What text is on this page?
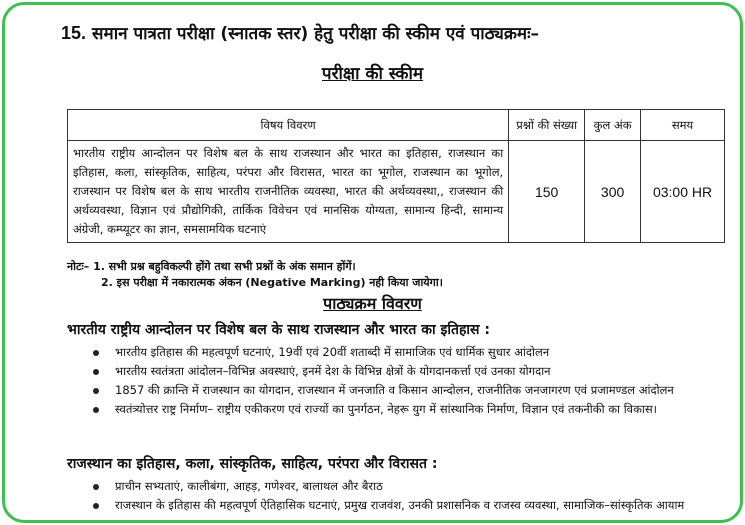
15. समान पात्रता परीक्षा (स्नातक स्तर) हेतु परीक्षा की स्कीम एवं पाठ्यक्रमः–
परीक्षा की स्कीम
विषय विवरण	प्रश्नों की संख्या	कुल अंक	समय
भारतीय राष्ट्रीय आन्दोलन पर विशेष बल के साथ राजस्थान और भारत का इतिहास, राजस्थान का इतिहास, कला, सांस्कृतिक, साहित्य, परंपरा और विरासत, भारत का भूगोल, राजस्थान का भूगोल, राजस्थान पर विशेष बल के साथ भारतीय राजनीतिक व्यवस्था, भारत की अर्थव्यवस्था,, राजस्थान की अर्थव्यवस्था, विज्ञान एवं प्रौद्योगिकी, तार्किक विवेचन एवं मानसिक योग्यता, सामान्य हिन्दी, सामान्य अंग्रेजी, कम्प्यूटर का ज्ञान, समसामयिक घटनाएं	150	300	03:00 HR
नोटः– 1. सभी प्रश्न बहुविकल्पी होंगे तथा सभी प्रश्नों के अंक समान होंगें।
2. इस परीक्षा में नकारात्मक अंकन (Negative Marking) नही किया जायेगा।
पाठ्यक्रम विवरण
भारतीय राष्ट्रीय आन्दोलन पर विशेष बल के साथ राजस्थान और भारत का इतिहास :
भारतीय इतिहास की महत्वपूर्ण घटनाएं, 19वीं एवं 20वीं शताब्दी में सामाजिक एवं धार्मिक सुधार आंदोलन
भारतीय स्वतंत्रता आंदोलन–विभिन्न अवस्थाएं, इनमें देश के विभिन्न क्षेत्रों के योगदानकर्त्ता एवं उनका योगदान
1857 की क्रान्ति में राजस्थान का योगदान, राजस्थान में जनजाति व किसान आन्दोलन, राजनीतिक जनजागरण एवं प्रजामण्डल आंदोलन
स्वतंत्र्योत्तर राष्ट्र निर्माण– राष्ट्रीय एकीकरण एवं राज्यों का पुनर्गठन, नेहरू युग में सांस्थानिक निर्माण, विज्ञान एवं तकनीकी का विकास।
राजस्थान का इतिहास, कला, सांस्कृतिक, साहित्य, परंपरा और विरासत :
प्राचीन सभ्यताएं, कालीबंगा, आहड़, गणेश्वर, बालाथल और बैराठ
राजस्थान के इतिहास की महत्वपूर्ण ऐतिहासिक घटनाएं, प्रमुख राजवंश, उनकी प्रशासनिक व राजस्व व्यवस्था, सामाजिक–सांस्कृतिक आयाम
